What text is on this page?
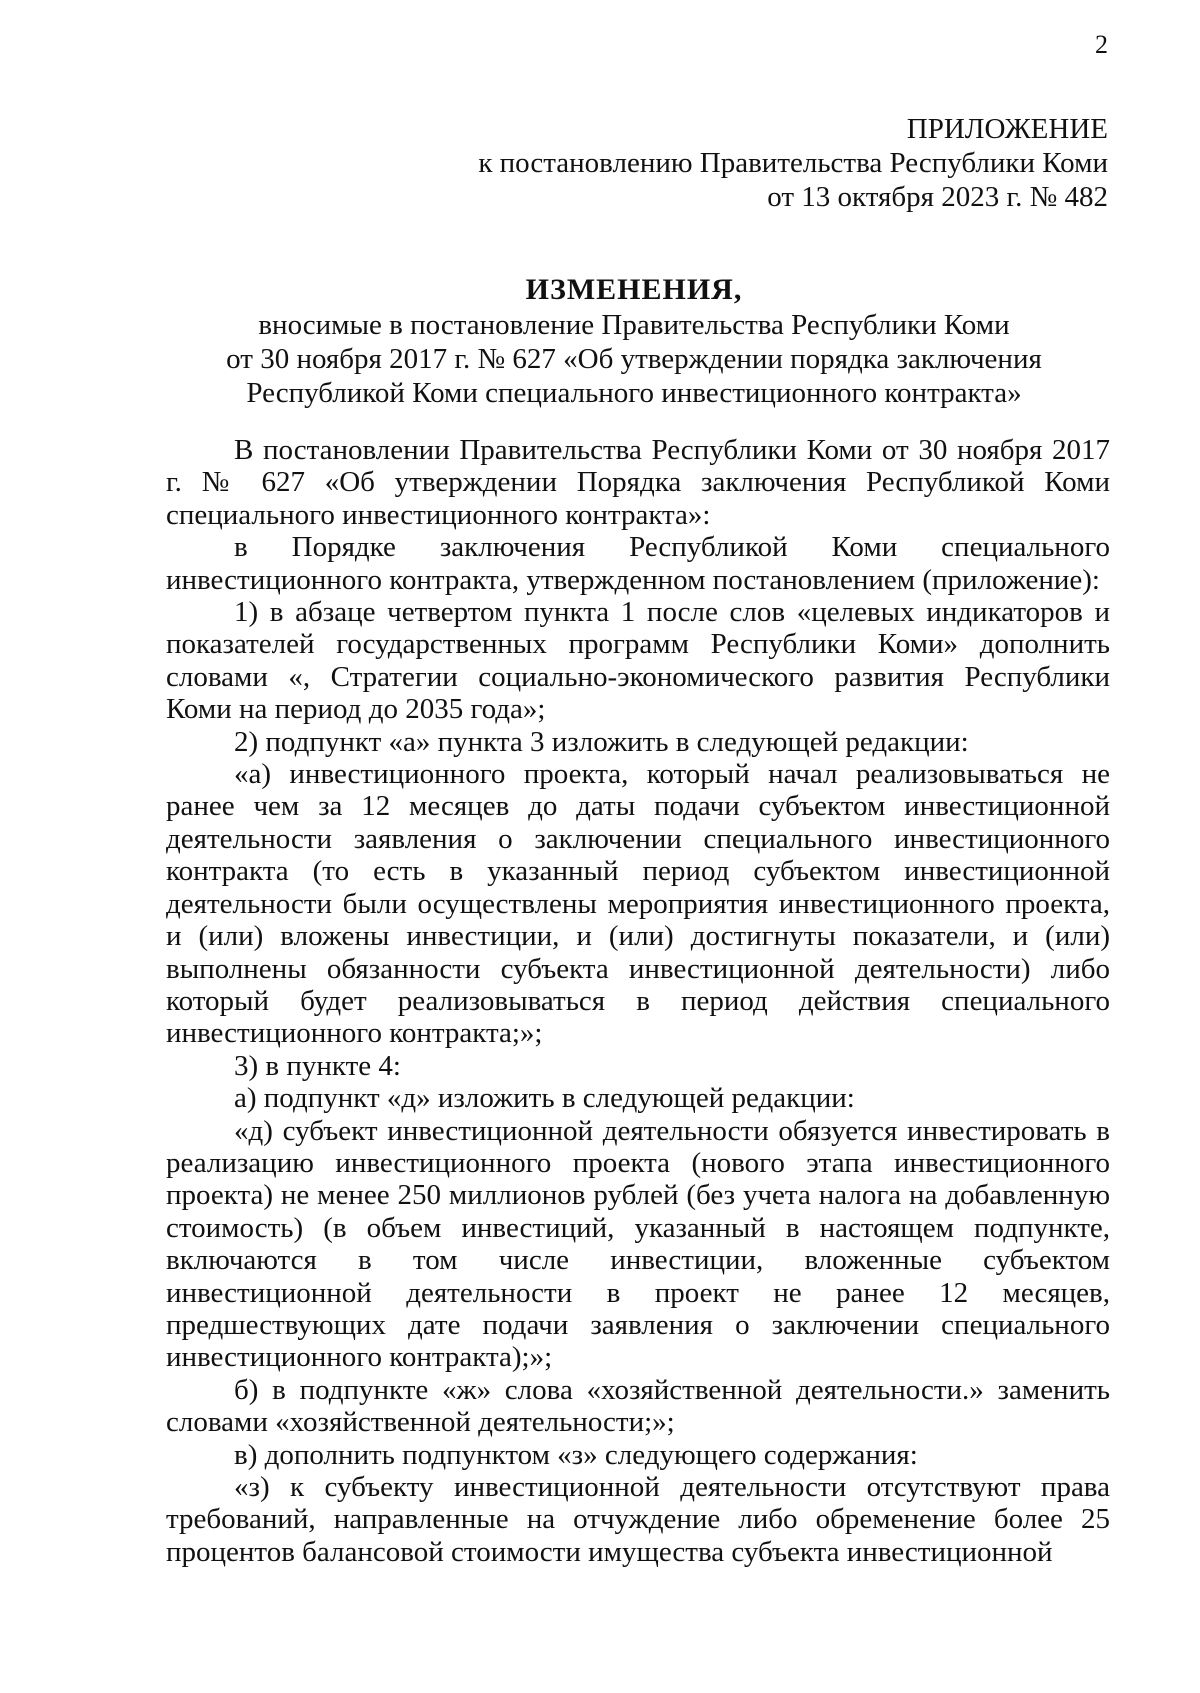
2
ПРИЛОЖЕНИЕ
к постановлению Правительства Республики Коми
от 13 октября 2023 г. № 482
ИЗМЕНЕНИЯ,
вносимые в постановление Правительства Республики Коми
от 30 ноября 2017 г. № 627 «Об утверждении порядка заключения
Республикой Коми специального инвестиционного контракта»

В постановлении Правительства Республики Коми от 30 ноября 2017 г. № 627 «Об утверждении Порядка заключения Республикой Коми специального инвестиционного контракта»:

в Порядке заключения Республикой Коми специального инвестиционного контракта, утвержденном постановлением (приложение):

1) в абзаце четвертом пункта 1 после слов «целевых индикаторов и показателей государственных программ Республики Коми» дополнить словами «, Стратегии социально-экономического развития Республики Коми на период до 2035 года»;

2) подпункт «а» пункта 3 изложить в следующей редакции:

«а) инвестиционного проекта, который начал реализовываться не ранее чем за 12 месяцев до даты подачи субъектом инвестиционной деятельности заявления о заключении специального инвестиционного контракта (то есть в указанный период субъектом инвестиционной деятельности были осуществлены мероприятия инвестиционного проекта, и (или) вложены инвестиции, и (или) достигнуты показатели, и (или) выполнены обязанности субъекта инвестиционной деятельности) либо который будет реализовываться в период действия специального инвестиционного контракта;»;

3) в пункте 4:

а) подпункт «д» изложить в следующей редакции:

«д) субъект инвестиционной деятельности обязуется инвестировать в реализацию инвестиционного проекта (нового этапа инвестиционного проекта) не менее 250 миллионов рублей (без учета налога на добавленную стоимость) (в объем инвестиций, указанный в настоящем подпункте, включаются в том числе инвестиции, вложенные субъектом инвестиционной деятельности в проект не ранее 12 месяцев, предшествующих дате подачи заявления о заключении специального инвестиционного контракта);»;

б) в подпункте «ж» слова «хозяйственной деятельности.» заменить словами «хозяйственной деятельности;»;

в) дополнить подпунктом «з» следующего содержания:

«з) к субъекту инвестиционной деятельности отсутствуют права требований, направленные на отчуждение либо обременение более 25 процентов балансовой стоимости имущества субъекта инвестиционной
